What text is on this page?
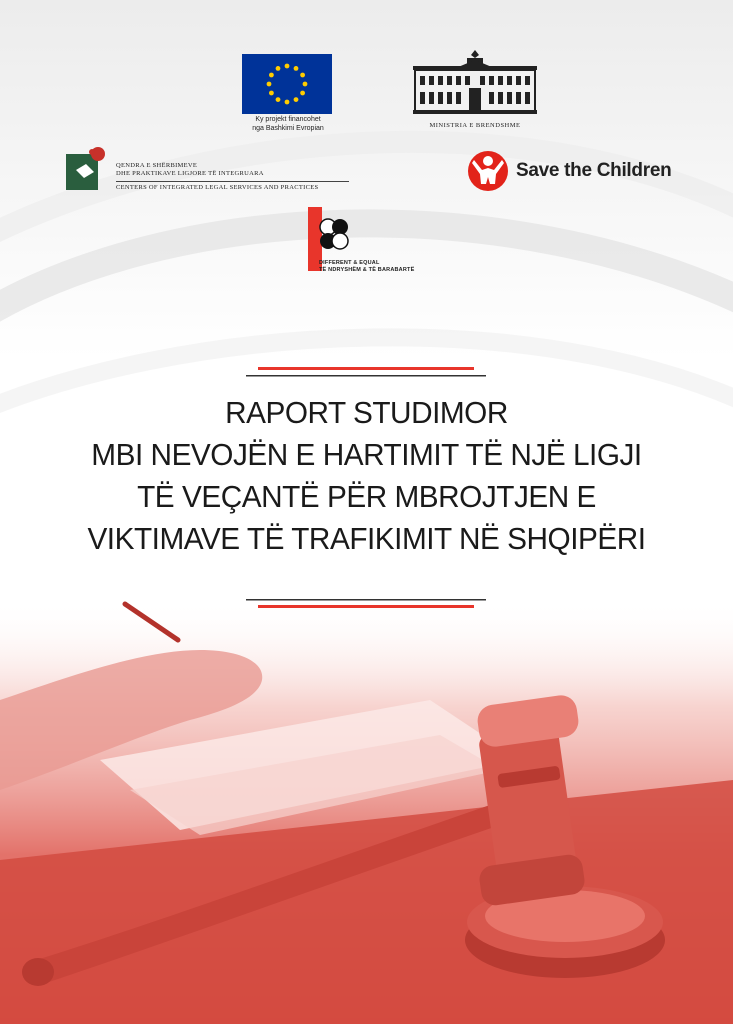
Ky projekt financohet
nga Bashkimi Evropian	MINISTRIA E BRENDSHME
QENDRA E SHËRBIMEVE
DHE PRAKTIKAVE LIGJORE TË INTEGRUARA
CENTERS OF INTEGRATED LEGAL SERVICES AND PRACTICES
Save the Children
DIFFERENT & EQUAL
TË NDRYSHËM & TË BARABARTË
RAPORT STUDIMOR
MBI NEVOJËN E HARTIMIT TË NJË LIGJI
TË VEÇANTË PËR MBROJTJEN E
VIKTIMAVE TË TRAFIKIMIT NË SHQIPËRI
